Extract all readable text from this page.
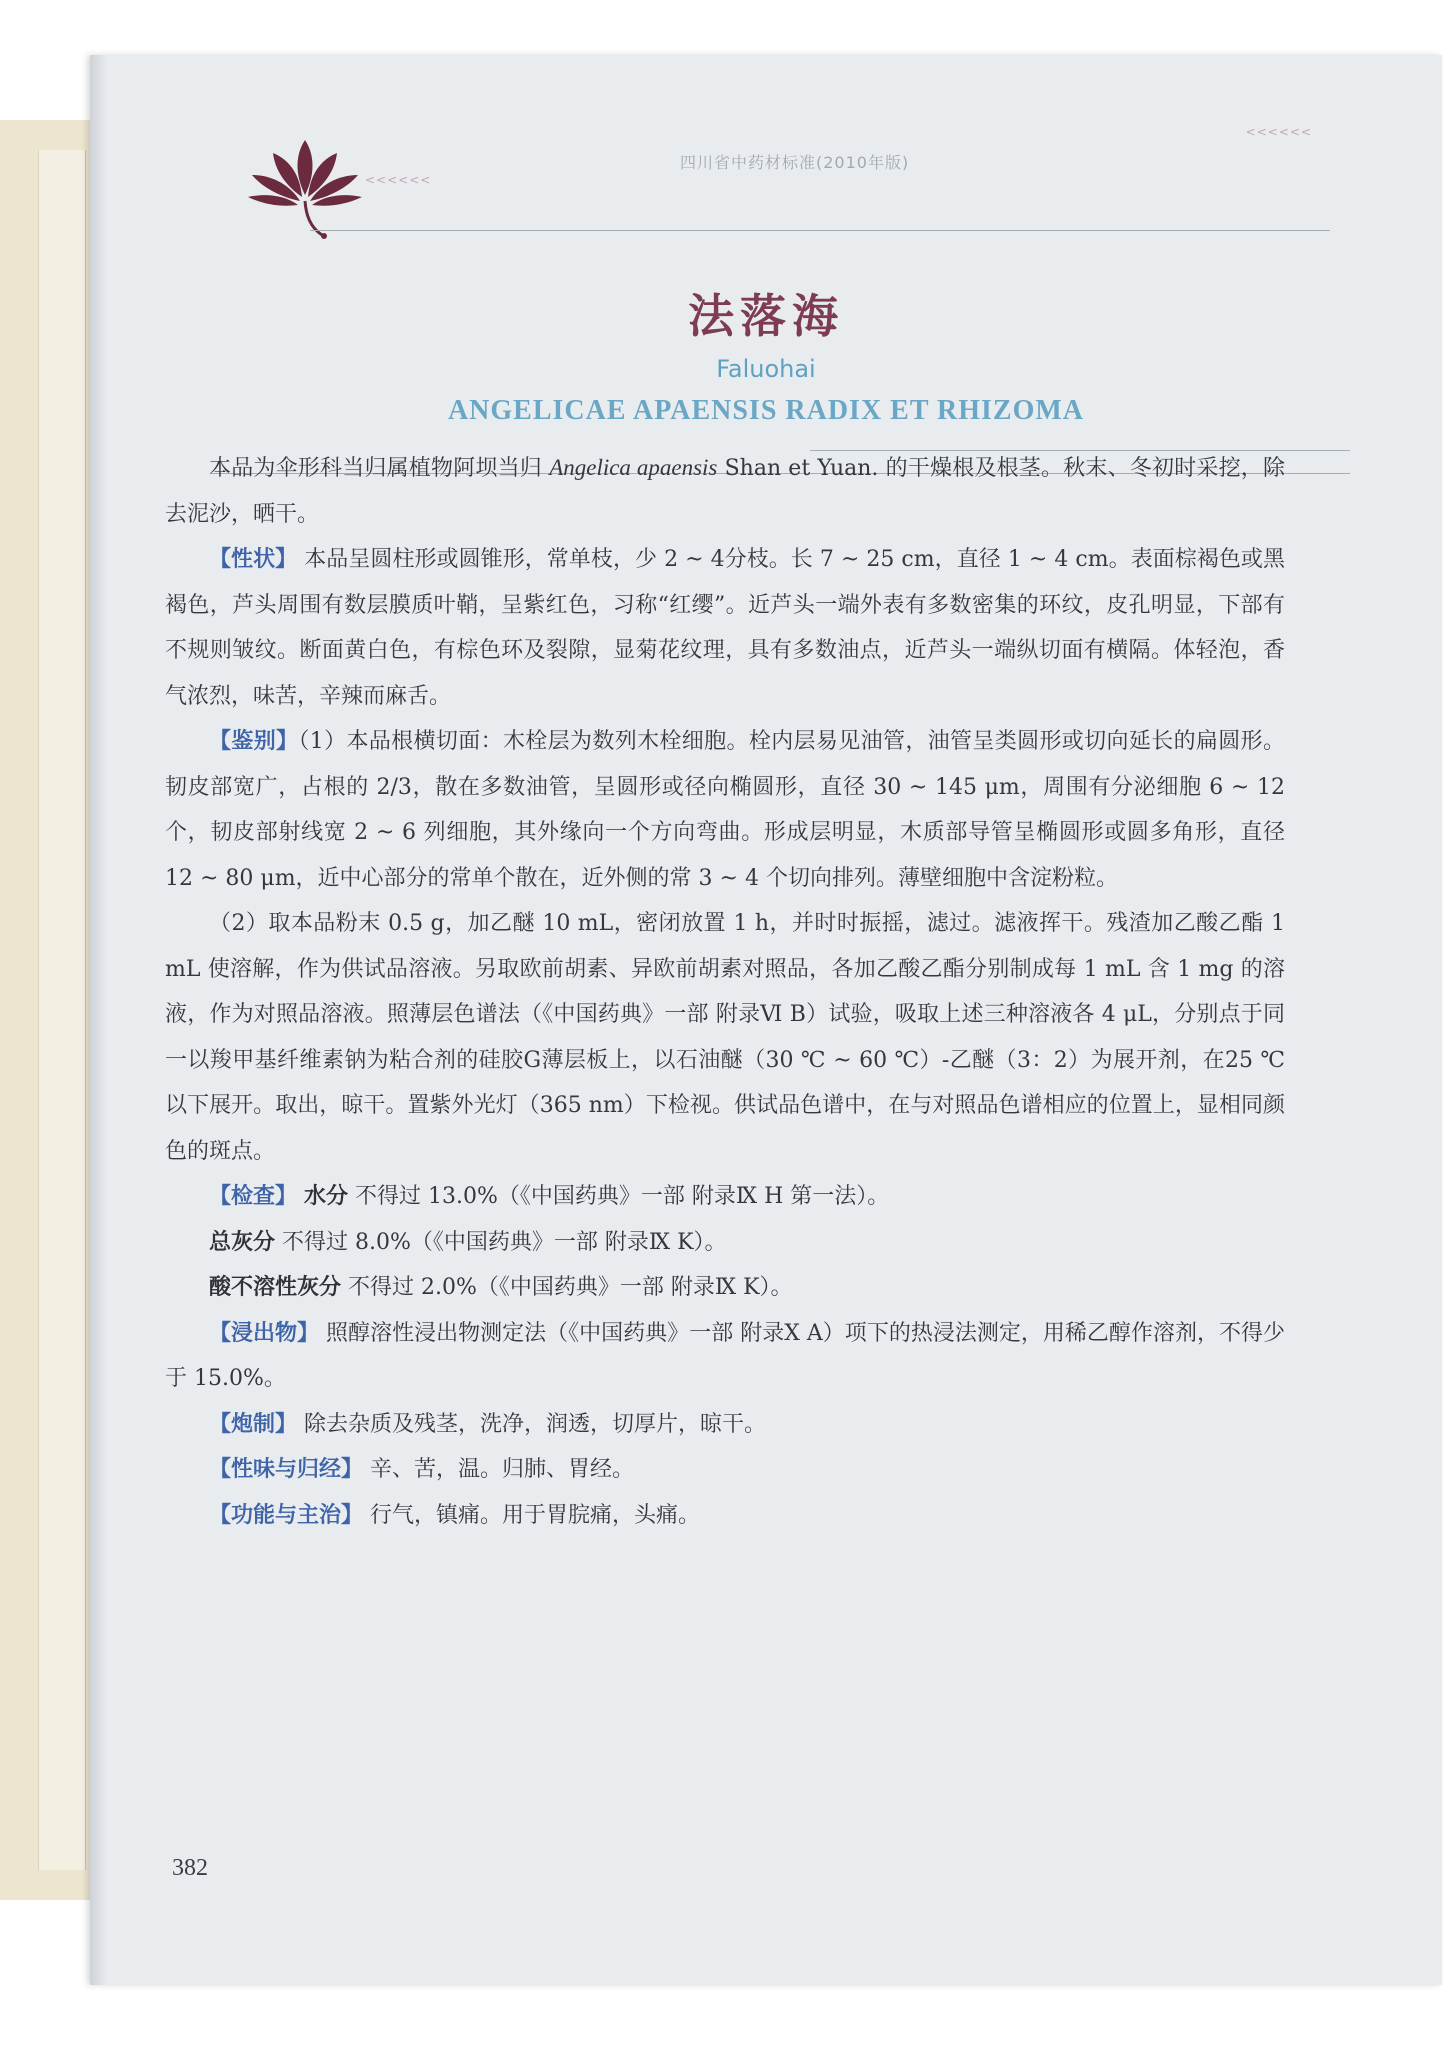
<<<<<<
<<<<<<
四川省中药材标准(2010年版)
法落海
Faluohai
ANGELICAE APAENSIS RADIX ET RHIZOMA

本品为伞形科当归属植物阿坝当归 Angelica apaensis Shan et Yuan. 的干燥根及根茎。秋末、冬初时采挖，除去泥沙，晒干。

【性状】 本品呈圆柱形或圆锥形，常单枝，少 2 ~ 4分枝。长 7 ~ 25 cm，直径 1 ~ 4 cm。表面棕褐色或黑褐色，芦头周围有数层膜质叶鞘，呈紫红色，习称“红缨”。近芦头一端外表有多数密集的环纹，皮孔明显，下部有不规则皱纹。断面黄白色，有棕色环及裂隙，显菊花纹理，具有多数油点，近芦头一端纵切面有横隔。体轻泡，香气浓烈，味苦，辛辣而麻舌。

【鉴别】（1）本品根横切面：木栓层为数列木栓细胞。栓内层易见油管，油管呈类圆形或切向延长的扁圆形。韧皮部宽广，占根的 2/3，散在多数油管，呈圆形或径向椭圆形，直径 30 ~ 145 μm，周围有分泌细胞 6 ~ 12 个，韧皮部射线宽 2 ~ 6 列细胞，其外缘向一个方向弯曲。形成层明显，木质部导管呈椭圆形或圆多角形，直径 12 ~ 80 μm，近中心部分的常单个散在，近外侧的常 3 ~ 4 个切向排列。薄壁细胞中含淀粉粒。

（2）取本品粉末 0.5 g，加乙醚 10 mL，密闭放置 1 h，并时时振摇，滤过。滤液挥干。残渣加乙酸乙酯 1 mL 使溶解，作为供试品溶液。另取欧前胡素、异欧前胡素对照品，各加乙酸乙酯分别制成每 1 mL 含 1 mg 的溶液，作为对照品溶液。照薄层色谱法（《中国药典》一部 附录Ⅵ B）试验，吸取上述三种溶液各 4 μL，分别点于同一以羧甲基纤维素钠为粘合剂的硅胶G薄层板上，以石油醚（30 ℃ ~ 60 ℃）-乙醚（3：2）为展开剂，在25 ℃ 以下展开。取出，晾干。置紫外光灯（365 nm）下检视。供试品色谱中，在与对照品色谱相应的位置上，显相同颜色的斑点。

【检查】 水分 不得过 13.0%（《中国药典》一部 附录Ⅸ H 第一法）。

总灰分 不得过 8.0%（《中国药典》一部 附录Ⅸ K）。

酸不溶性灰分 不得过 2.0%（《中国药典》一部 附录Ⅸ K）。

【浸出物】 照醇溶性浸出物测定法（《中国药典》一部 附录Ⅹ A）项下的热浸法测定，用稀乙醇作溶剂，不得少于 15.0%。

【炮制】 除去杂质及残茎，洗净，润透，切厚片，晾干。

【性味与归经】 辛、苦，温。归肺、胃经。

【功能与主治】 行气，镇痛。用于胃脘痛，头痛。

382
